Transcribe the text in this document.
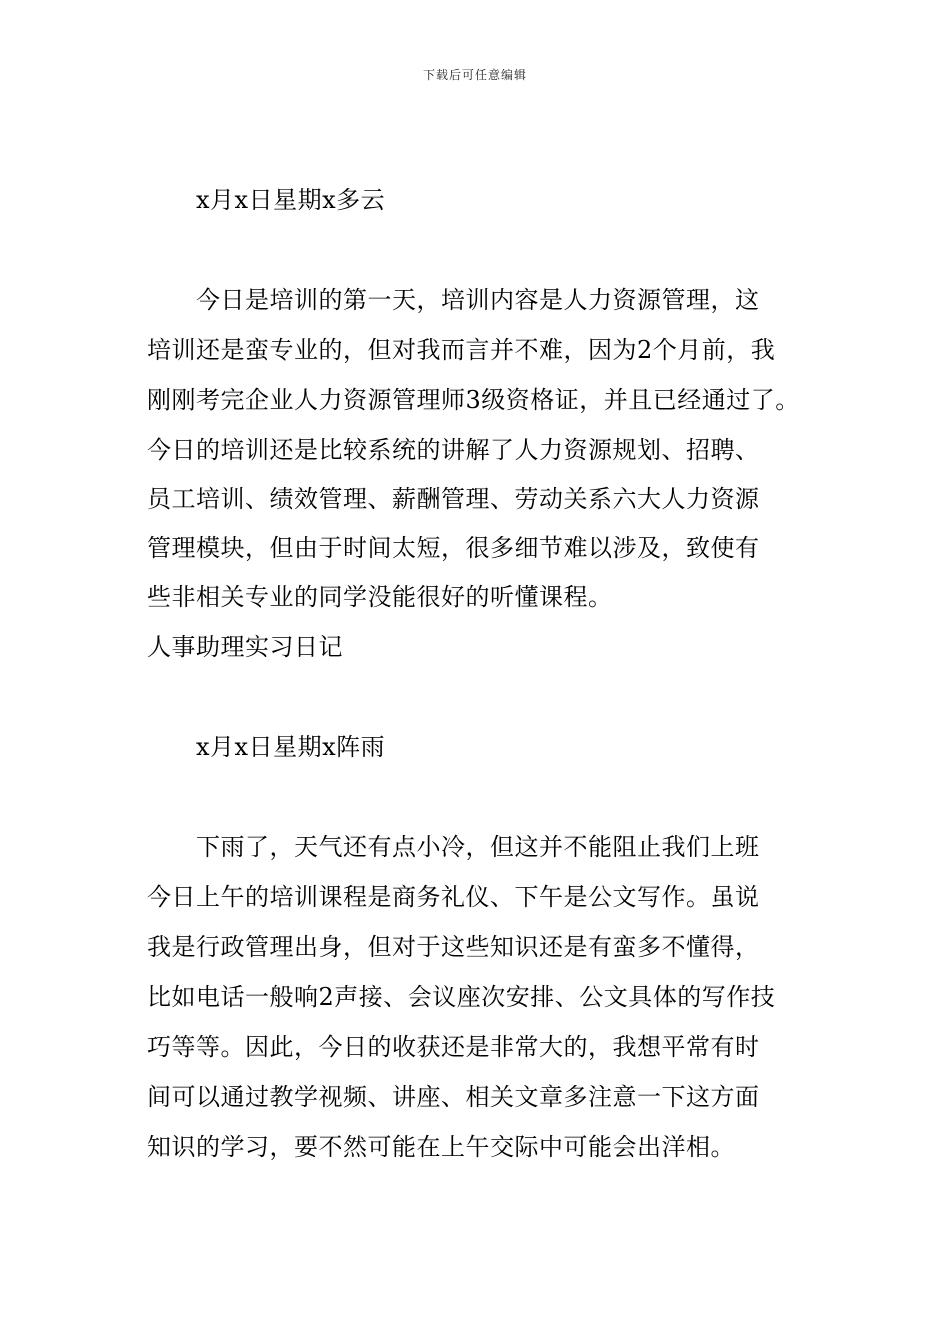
下载后可任意编辑
x月x日星期x多云
今日是培训的第一天，培训内容是人力资源管理，这
培训还是蛮专业的，但对我而言并不难，因为2个月前，我
刚刚考完企业人力资源管理师3级资格证，并且已经通过了。
今日的培训还是比较系统的讲解了人力资源规划、招聘、
员工培训、绩效管理、薪酬管理、劳动关系六大人力资源
管理模块，但由于时间太短，很多细节难以涉及，致使有
些非相关专业的同学没能很好的听懂课程。
人事助理实习日记
x月x日星期x阵雨
下雨了，天气还有点小冷，但这并不能阻止我们上班
今日上午的培训课程是商务礼仪、下午是公文写作。虽说
我是行政管理出身，但对于这些知识还是有蛮多不懂得，
比如电话一般响2声接、会议座次安排、公文具体的写作技
巧等等。因此，今日的收获还是非常大的，我想平常有时
间可以通过教学视频、讲座、相关文章多注意一下这方面
知识的学习，要不然可能在上午交际中可能会出洋相。
